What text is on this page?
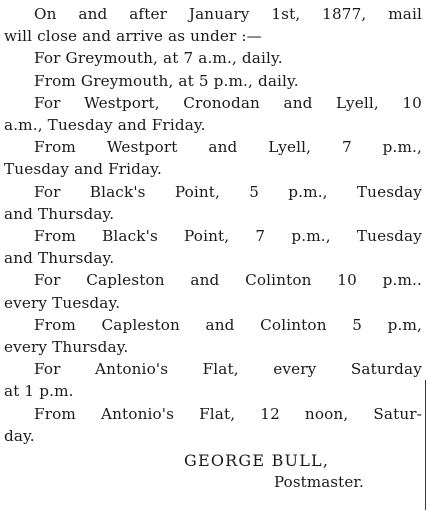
On and after January 1st, 1877, mail
will close and arrive as under :—
For Greymouth, at 7 a.m., daily.
From Greymouth, at 5 p.m., daily.
For Westport, Cronodan and Lyell, 10
a.m., Tuesday and Friday.
From Westport and Lyell, 7 p.m.,
Tuesday and Friday.
For Black's Point, 5 p.m., Tuesday
and Thursday.
From Black's Point, 7 p.m., Tuesday
and Thursday.
For Capleston and Colinton 10 p.m..
every Tuesday.
From Capleston and Colinton 5 p.m,
every Thursday.
For Antonio's Flat, every Saturday
at 1 p.m.
From Antonio's Flat, 12 noon, Satur-
day.
GEORGE BULL,
Postmaster.
